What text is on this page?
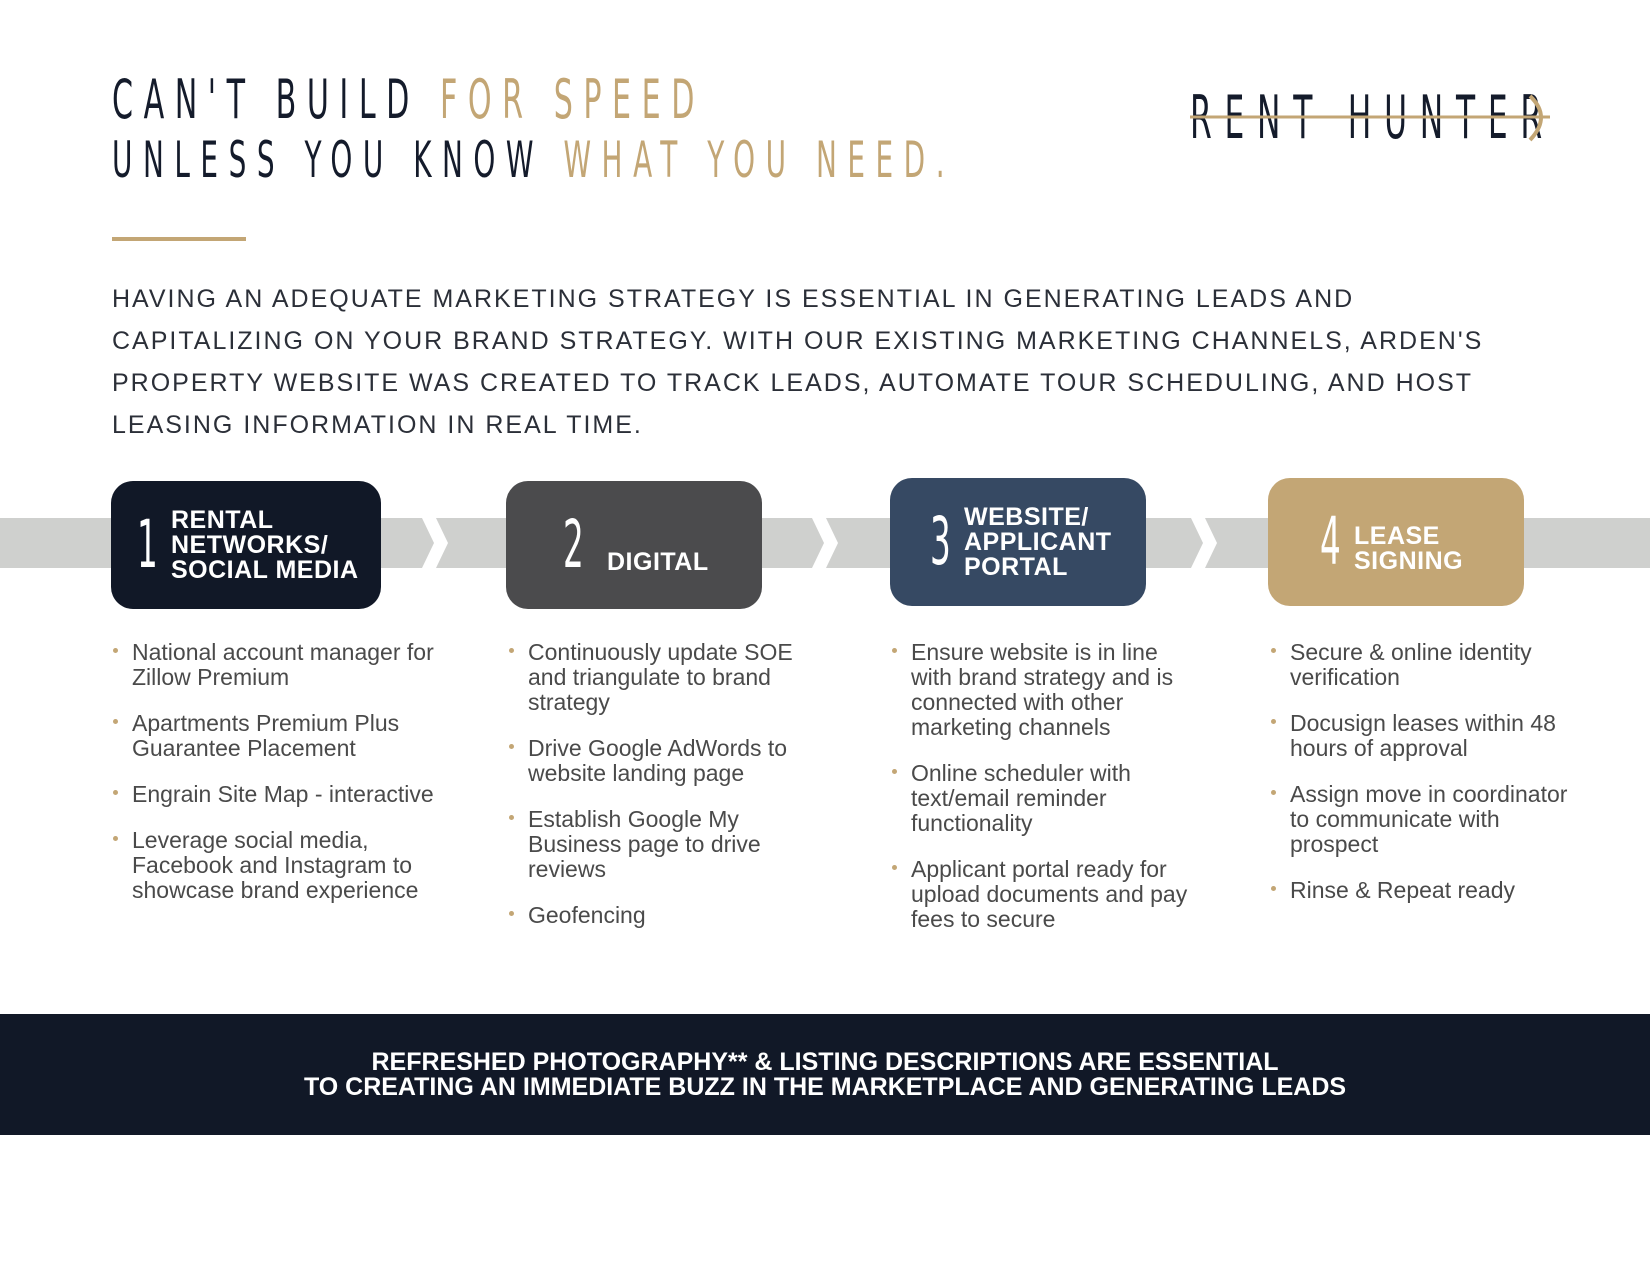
CAN'T BUILD FOR SPEED
UNLESS YOU KNOW WHAT YOU NEED.
RENT HUNTER

HAVING AN ADEQUATE MARKETING STRATEGY IS ESSENTIAL IN GENERATING LEADS AND CAPITALIZING ON YOUR BRAND STRATEGY. WITH OUR EXISTING MARKETING CHANNELS, ARDEN'S PROPERTY WEBSITE WAS CREATED TO TRACK LEADS, AUTOMATE TOUR SCHEDULING, AND HOST LEASING INFORMATION IN REAL TIME.

1 RENTAL
NETWORKS/
SOCIAL MEDIA	2 DIGITAL	3 WEBSITE/
APPLICANT
PORTAL	4 LEASE
SIGNING
National account manager for Zillow Premium
Apartments Premium Plus Guarantee Placement
Engrain Site Map - interactive
Leverage social media, Facebook and Instagram to showcase brand experience
Continuously update SOE and triangulate to brand strategy
Drive Google AdWords to website landing page
Establish Google My Business page to drive reviews
Geofencing
Ensure website is in line with brand strategy and is connected with other marketing channels
Online scheduler with text/email reminder functionality
Applicant portal ready for upload documents and pay fees to secure
Secure & online identity verification
Docusign leases within 48 hours of approval
Assign move in coordinator to communicate with prospect
Rinse & Repeat ready
REFRESHED PHOTOGRAPHY** & LISTING DESCRIPTIONS ARE ESSENTIAL
TO CREATING AN IMMEDIATE BUZZ IN THE MARKETPLACE AND GENERATING LEADS
